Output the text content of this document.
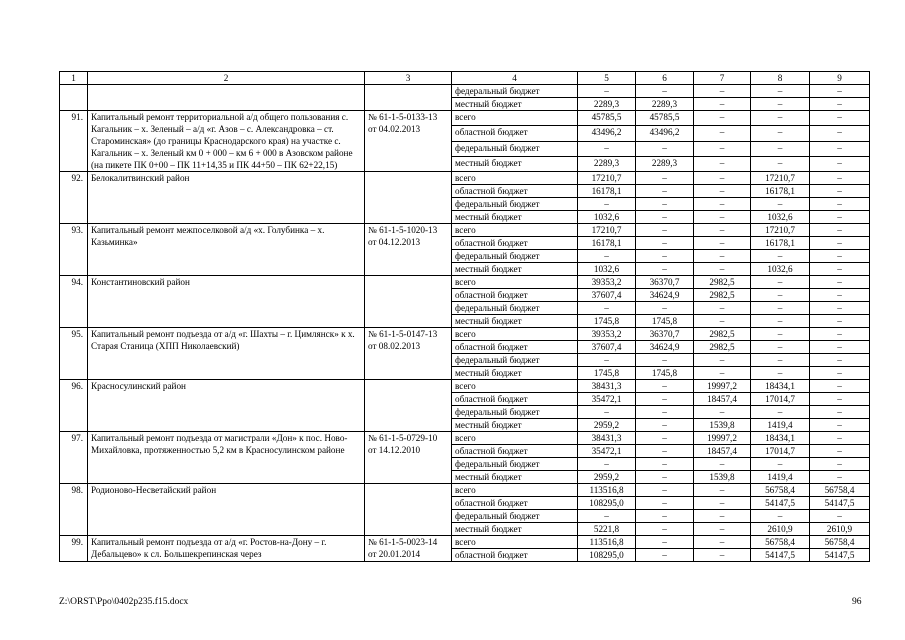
1	2	3	4	5	6	7	8	9
			федеральный бюджет	–	–	–	–	–
			местный бюджет	2289,3	2289,3	–	–	–
91.	Капитальный ремонт территориальной а/д общего пользования с. Кагальник – х. Зеленый – а/д «г. Азов – с. Александровка – ст. Староминская» (до границы Краснодарского края) на участке с. Кагальник – х. Зеленый км 0 + 000 – км 6 + 000 в Азовском районе (на пикете ПК 0+00 – ПК 11+14,35 и ПК 44+50 – ПК 62+22,15)	№ 61-1-5-0133-13 от 04.02.2013	всего	45785,5	45785,5	–	–	–
			областной бюджет	43496,2	43496,2	–	–	–
			федеральный бюджет	–	–	–	–	–
			местный бюджет	2289,3	2289,3	–	–	–
92.	Белокалитвинский район		всего	17210,7	–	–	17210,7	–
			областной бюджет	16178,1	–	–	16178,1	–
			федеральный бюджет	–	–	–	–	–
			местный бюджет	1032,6	–	–	1032,6	–
93.	Капитальный ремонт межпоселковой а/д «х. Голубинка – х. Казьминка»	№ 61-1-5-1020-13 от 04.12.2013	всего	17210,7	–	–	17210,7	–
			областной бюджет	16178,1	–	–	16178,1	–
			федеральный бюджет	–	–	–	–	–
			местный бюджет	1032,6	–	–	1032,6	–
94.	Константиновский район		всего	39353,2	36370,7	2982,5	–	–
			областной бюджет	37607,4	34624,9	2982,5	–	–
			федеральный бюджет	–	–	–	–	–
			местный бюджет	1745,8	1745,8	–	–	–
95.	Капитальный ремонт подъезда от а/д «г. Шахты – г. Цимлянск» к х. Старая Станица (ХПП Николаевский)	№ 61-1-5-0147-13 от 08.02.2013	всего	39353,2	36370,7	2982,5	–	–
			областной бюджет	37607,4	34624,9	2982,5	–	–
			федеральный бюджет	–	–	–	–	–
			местный бюджет	1745,8	1745,8	–	–	–
96.	Красносулинский район		всего	38431,3	–	19997,2	18434,1	–
			областной бюджет	35472,1	–	18457,4	17014,7	–
			федеральный бюджет	–	–	–	–	–
			местный бюджет	2959,2	–	1539,8	1419,4	–
97.	Капитальный ремонт подъезда от магистрали «Дон» к пос. Ново-Михайловка, протяженностью 5,2 км в Красносулинском районе	№ 61-1-5-0729-10 от 14.12.2010	всего	38431,3	–	19997,2	18434,1	–
			областной бюджет	35472,1	–	18457,4	17014,7	–
			федеральный бюджет	–	–	–	–	–
			местный бюджет	2959,2	–	1539,8	1419,4	–
98.	Родионово-Несветайский район		всего	113516,8	–	–	56758,4	56758,4
			областной бюджет	108295,0	–	–	54147,5	54147,5
			федеральный бюджет	–	–	–	–	–
			местный бюджет	5221,8	–	–	2610,9	2610,9
99.	Капитальный ремонт подъезда от а/д «г. Ростов-на-Дону – г. Дебальцево» к сл. Большекрепинская через	№ 61-1-5-0023-14 от 20.01.2014	всего	113516,8	–	–	56758,4	56758,4
			областной бюджет	108295,0	–	–	54147,5	54147,5
Z:\ORST\Ppo\0402p235.f15.docx	96
